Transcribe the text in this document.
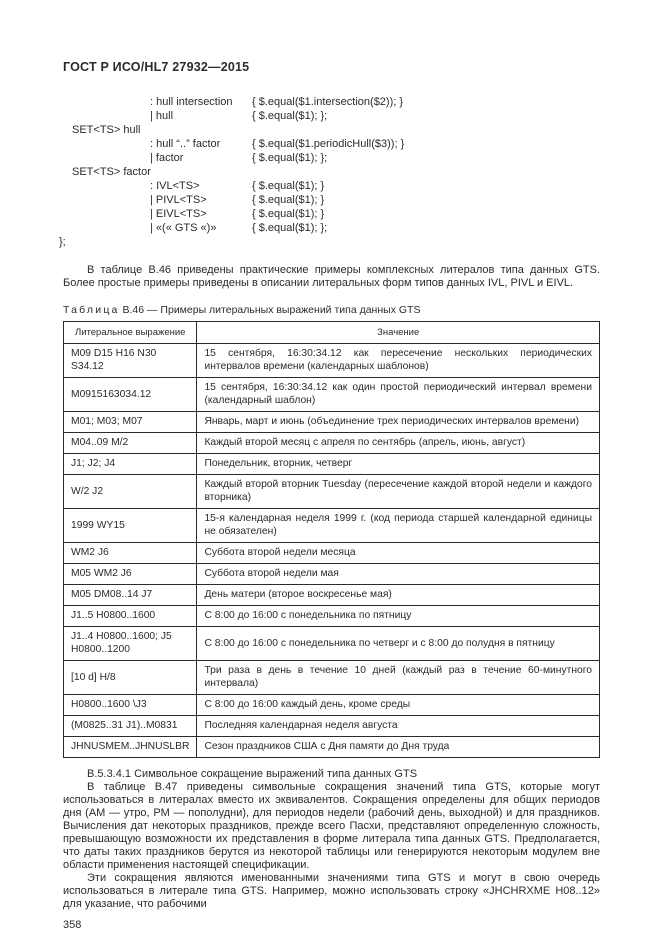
ГОСТ Р ИСО/HL7 27932—2015
: hull intersection	{ $.equal($1.intersection($2)); }
| hull	{ $.equal($1); };
SET<TS> hull
: hull “..” factor	{ $.equal($1.periodicHull($3)); }
| factor	{ $.equal($1); };
SET<TS> factor
: IVL<TS>	{ $.equal($1); }
| PIVL<TS>	{ $.equal($1); }
| EIVL<TS>	{ $.equal($1); }
| «(« GTS «)»	{ $.equal($1); };
};

В таблице В.46 приведены практические примеры комплексных литералов типа данных GTS. Более простые примеры приведены в описании литеральных форм типов данных IVL, PIVL и EIVL.

Таблица В.46 — Примеры литеральных выражений типа данных GTS
Литеральное выражение	Значение
M09 D15 H16 N30 S34.12	15 сентября, 16:30:34.12 как пересечение нескольких периодических интервалов времени (календарных шаблонов)
M0915163034.12	15 сентября, 16:30:34.12 как один простой периодический интервал времени (календарный шаблон)
M01; M03; M07	Январь, март и июнь (объединение трех периодических интервалов времени)
M04..09 M/2	Каждый второй месяц с апреля по сентябрь (апрель, июнь, август)
J1; J2; J4	Понедельник, вторник, четверг
W/2 J2	Каждый второй вторник Tuesday (пересечение каждой второй недели и каждого вторника)
1999 WY15	15-я календарная неделя 1999 г. (код периода старшей календарной единицы не обязателен)
WM2 J6	Суббота второй недели месяца
M05 WM2 J6	Суббота второй недели мая
M05 DM08..14 J7	День матери (второе воскресенье мая)
J1..5 H0800..1600	С 8:00 до 16:00 с понедельника по пятницу
J1..4 H0800..1600; J5 H0800..1200	С 8:00 до 16:00 с понедельника по четверг и с 8:00 до полудня в пятницу
[10 d] H/8	Три раза в день в течение 10 дней (каждый раз в течение 60-минутного интервала)
H0800..1600 \J3	С 8:00 до 16:00 каждый день, кроме среды
(M0825..31 J1)..M0831	Последняя календарная неделя августа
JHNUSMEM..JHNUSLBR	Сезон праздников США с Дня памяти до Дня труда
В.5.3.4.1 Символьное сокращение выражений типа данных GTS

В таблице В.47 приведены символьные сокращения значений типа GTS, которые могут использоваться в литералах вместо их эквивалентов. Сокращения определены для общих периодов дня (AM — утро, PM — пополудни), для периодов недели (рабочий день, выходной) и для праздников. Вычисления дат некоторых праздников, прежде всего Пасхи, представляют определенную сложность, превышающую возможности их представления в форме литерала типа данных GTS. Предполагается, что даты таких праздников берутся из некоторой таблицы или генерируются некоторым модулем вне области применения настоящей спецификации.

Эти сокращения являются именованными значениями типа GTS и могут в свою очередь использоваться в литерале типа GTS. Например, можно использовать строку «JHCHRXME H08..12» для указание, что рабочими

358
